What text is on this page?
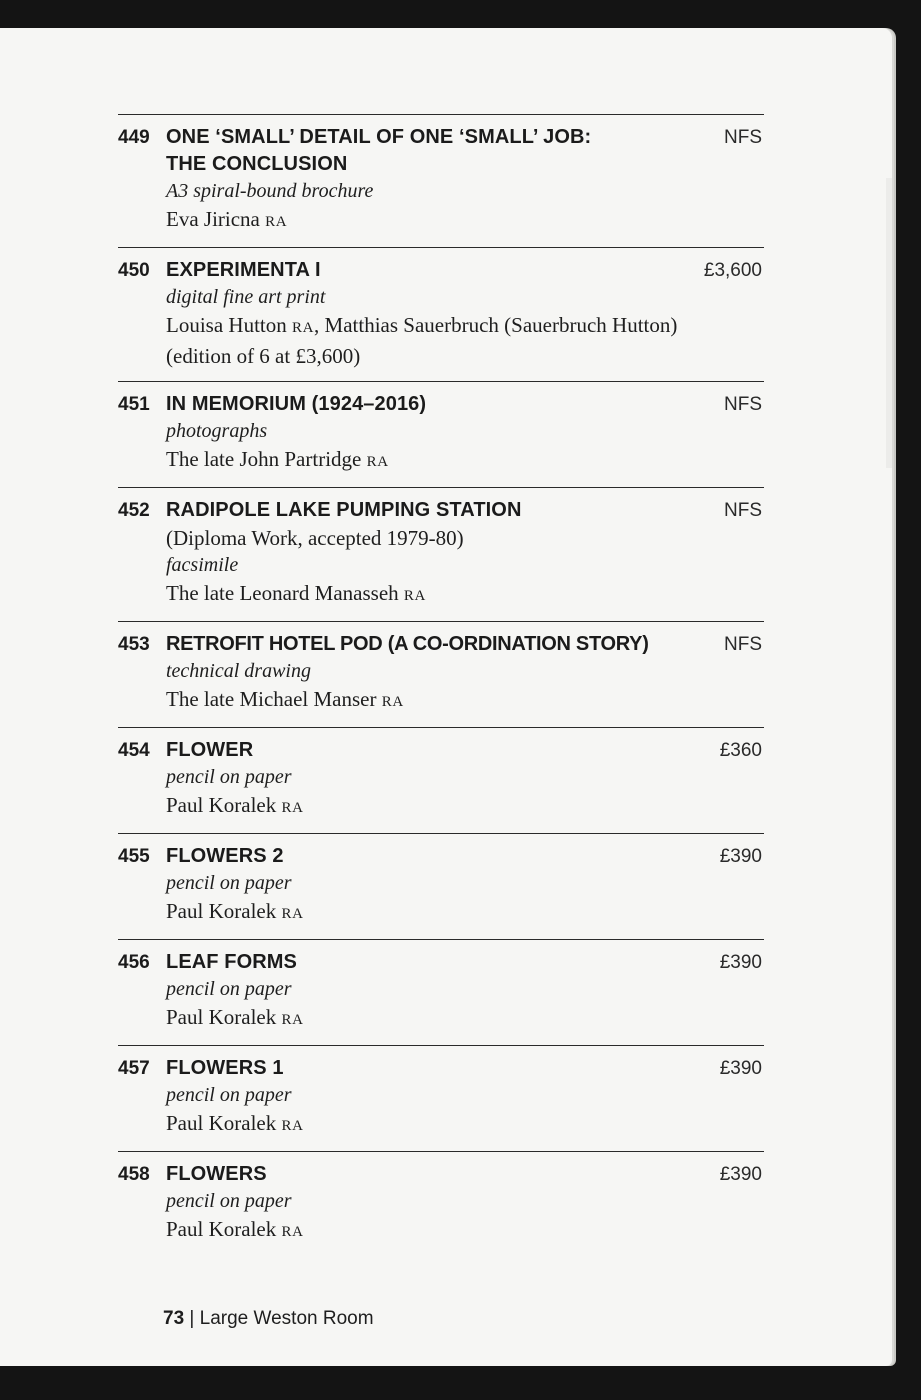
449 ONE ‘SMALL’ DETAIL OF ONE ‘SMALL’ JOB:
THE CONCLUSION
A3 spiral-bound brochure
Eva Jiricna RA
NFS
450 EXPERIMENTA I
digital fine art print
Louisa Hutton RA, Matthias Sauerbruch (Sauerbruch Hutton)
(edition of 6 at £3,600)
£3,600
451 IN MEMORIUM (1924–2016)
photographs
The late John Partridge RA
NFS
452 RADIPOLE LAKE PUMPING STATION
(Diploma Work, accepted 1979-80)
facsimile
The late Leonard Manasseh RA
NFS
453 RETROFIT HOTEL POD (A CO-ORDINATION STORY)
technical drawing
The late Michael Manser RA
NFS
454 FLOWER
pencil on paper
Paul Koralek RA
£360
455 FLOWERS 2
pencil on paper
Paul Koralek RA
£390
456 LEAF FORMS
pencil on paper
Paul Koralek RA
£390
457 FLOWERS 1
pencil on paper
Paul Koralek RA
£390
458 FLOWERS
pencil on paper
Paul Koralek RA
£390
73 | Large Weston Room
